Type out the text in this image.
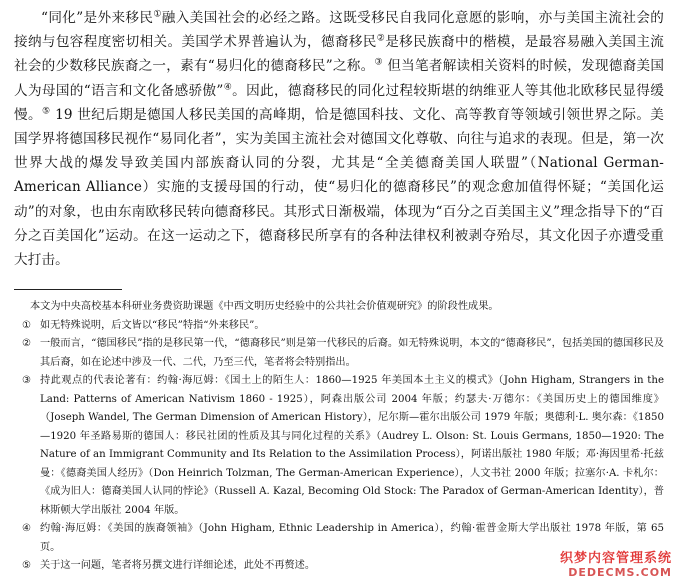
“同化”是外来移民①融入美国社会的必经之路。这既受移民自我同化意愿的影响，亦与美国主流社会的接纳与包容程度密切相关。美国学术界普遍认为，德裔移民②是移民族裔中的楷模，是最容易融入美国主流社会的少数移民族裔之一，素有“易归化的德裔移民”之称。③ 但当笔者解读相关资料的时候，发现德裔美国人为母国的“语言和文化备感骄傲”④。因此，德裔移民的同化过程较斯堪的纳维亚人等其他北欧移民显得缓慢。⑤ 19 世纪后期是德国人移民美国的高峰期，恰是德国科技、文化、高等教育等领域引领世界之际。美国学界将德国移民视作“易同化者”，实为美国主流社会对德国文化尊敬、向往与追求的表现。但是，第一次世界大战的爆发导致美国内部族裔认同的分裂，尤其是“全美德裔美国人联盟”（National German-American Alliance）实施的支援母国的行动，使“易归化的德裔移民”的观念愈加值得怀疑；“美国化运动”的对象，也由东南欧移民转向德裔移民。其形式日渐极端，体现为“百分之百美国主义”理念指导下的“百分之百美国化”运动。在这一运动之下，德裔移民所享有的各种法律权利被剥夺殆尽，其文化因子亦遭受重大打击。

本文为中央高校基本科研业务费资助课题《中西文明历史经验中的公共社会价值观研究》的阶段性成果。

① 如无特殊说明，后文皆以“移民”特指“外来移民”。

② 一般而言，“德国移民”指的是移民第一代，“德裔移民”则是第一代移民的后裔。如无特殊说明，本文的“德裔移民”，包括美国的德国移民及其后裔，如在论述中涉及一代、二代，乃至三代，笔者将会特别指出。

③ 持此观点的代表论著有：约翰·海厄姆：《国土上的陌生人：1860—1925 年美国本土主义的模式》（John Higham, Strangers in the Land: Patterns of American Nativism 1860 - 1925），阿森出版公司 2004 年版；约瑟夫·万德尔：《美国历史上的德国维度》（Joseph Wandel, The German Dimension of American History），尼尔斯—霍尔出版公司 1979 年版；奥德利·L. 奥尔森：《1850—1920 年圣路易斯的德国人：移民社团的性质及其与同化过程的关系》（Audrey L. Olson: St. Louis Germans, 1850—1920: The Nature of an Immigrant Community and Its Relation to the Assimilation Process），阿诺出版社 1980 年版；邓·海因里希·托兹曼：《德裔美国人经历》（Don Heinrich Tolzman, The German-American Experience），人文书社 2000 年版；拉塞尔·A. 卡札尔：《成为旧人：德裔美国人认同的悖论》（Russell A. Kazal, Becoming Old Stock: The Paradox of German-American Identity），普林斯顿大学出版社 2004 年版。

④ 约翰·海厄姆：《美国的族裔领袖》（John Higham, Ethnic Leadership in America），约翰·霍普金斯大学出版社 1978 年版，第 65 页。

⑤ 关于这一问题，笔者将另撰文进行详细论述，此处不再赘述。	织梦内容管理系统
DEDECMS.COM
